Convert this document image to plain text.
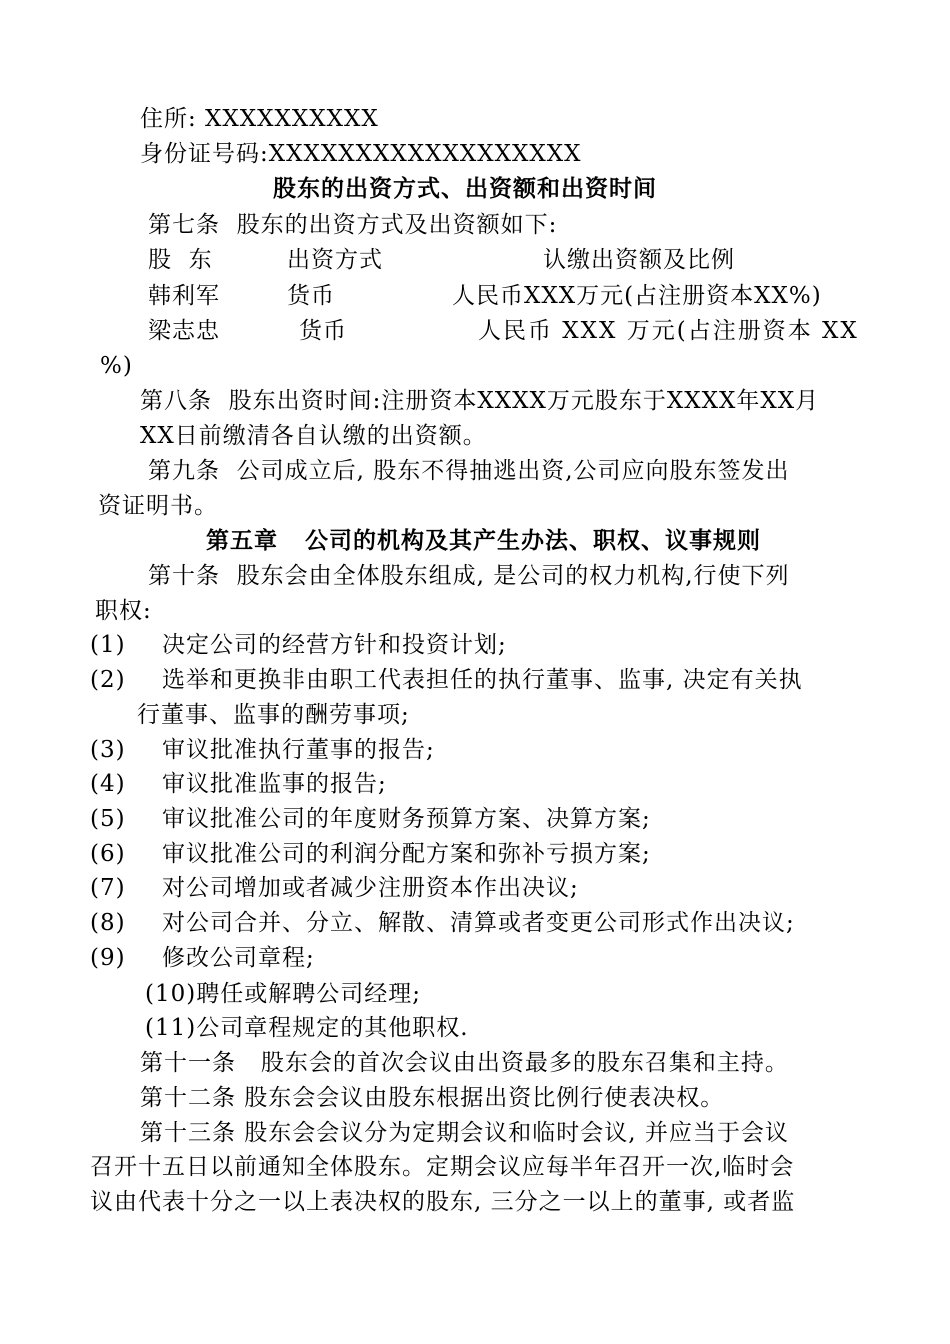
住所: XXXXXXXXXX
身份证号码:XXXXXXXXXXXXXXXXXX
股东的出资方式、出资额和出资时间
第七条  股东的出资方式及出资额如下:
股  东	出资方式	认缴出资额及比例
韩利军	货币	人民币XXX万元(占注册资本XX%)
梁志忠	货币	人民币 XXX 万元(占注册资本 XX
%)
第八条  股东出资时间:注册资本XXXX万元股东于XXXX年XX月
XX日前缴清各自认缴的出资额。
第九条  公司成立后, 股东不得抽逃出资,公司应向股东签发出
资证明书。
第五章   公司的机构及其产生办法、职权、议事规则
第十条  股东会由全体股东组成, 是公司的权力机构,行使下列
职权:
(1) 决定公司的经营方针和投资计划;
(2) 选举和更换非由职工代表担任的执行董事、监事, 决定有关执
行董事、监事的酬劳事项;
(3) 审议批准执行董事的报告;
(4) 审议批准监事的报告;
(5) 审议批准公司的年度财务预算方案、决算方案;
(6) 审议批准公司的利润分配方案和弥补亏损方案;
(7) 对公司增加或者减少注册资本作出决议;
(8) 对公司合并、分立、解散、清算或者变更公司形式作出决议;
(9) 修改公司章程;
(10)聘任或解聘公司经理;
(11)公司章程规定的其他职权.
第十一条   股东会的首次会议由出资最多的股东召集和主持。
第十二条 股东会会议由股东根据出资比例行使表决权。
第十三条 股东会会议分为定期会议和临时会议, 并应当于会议
召开十五日以前通知全体股东。定期会议应每半年召开一次,临时会
议由代表十分之一以上表决权的股东, 三分之一以上的董事, 或者监
